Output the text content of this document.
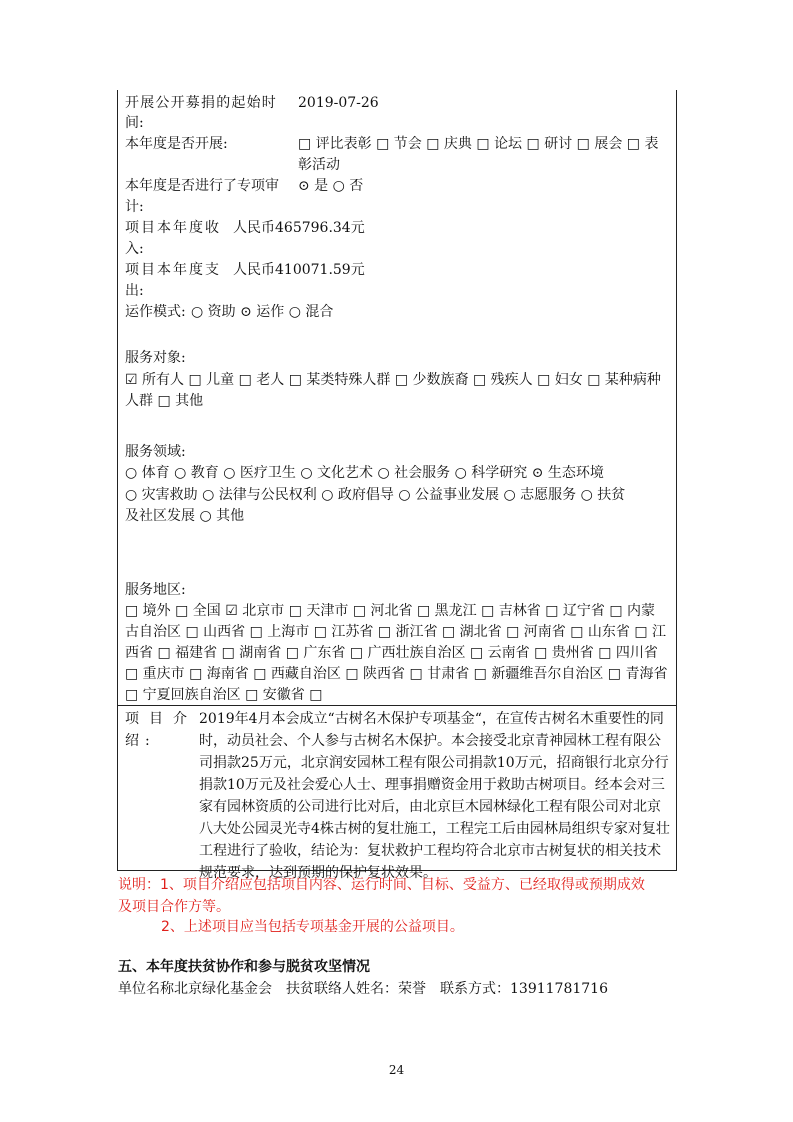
开展公开募捐的起始时
间:
2019-07-26
本年度是否开展:	□ 评比表彰 □ 节会 □ 庆典 □ 论坛 □ 研讨 □ 展会 □ 表
彰活动
本年度是否进行了专项审
计:
⊙ 是 ○ 否
项目本年度收
入:
人民币465796.34元
项目本年度支
出:
人民币410071.59元
运作模式: ○ 资助 ⊙ 运作 ○ 混合
服务对象:
☑ 所有人 □ 儿童 □ 老人 □ 某类特殊人群 □ 少数族裔 □ 残疾人 □ 妇女 □ 某种病种
人群 □ 其他
服务领域:
○ 体育 ○ 教育 ○ 医疗卫生 ○ 文化艺术 ○ 社会服务 ○ 科学研究 ⊙ 生态环境
○ 灾害救助 ○ 法律与公民权利 ○ 政府倡导 ○ 公益事业发展 ○ 志愿服务 ○ 扶贫
及社区发展 ○ 其他
服务地区:
□ 境外 □ 全国 ☑ 北京市 □ 天津市 □ 河北省 □ 黑龙江 □ 吉林省 □ 辽宁省 □ 内蒙
古自治区 □ 山西省 □ 上海市 □ 江苏省 □ 浙江省 □ 湖北省 □ 河南省 □ 山东省 □ 江
西省 □ 福建省 □ 湖南省 □ 广东省 □ 广西壮族自治区 □ 云南省 □ 贵州省 □ 四川省
□ 重庆市 □ 海南省 □ 西藏自治区 □ 陕西省 □ 甘肃省 □ 新疆维吾尔自治区 □ 青海省
□ 宁夏回族自治区 □ 安徽省 □
项目介绍:
2019年4月本会成立“古树名木保护专项基金“，在宣传古树名木重要性的同时，动员社会、个人参与古树名木保护。本会接受北京青神园林工程有限公司捐款25万元，北京润安园林工程有限公司捐款10万元，招商银行北京分行捐款10万元及社会爱心人士、理事捐赠资金用于救助古树项目。经本会对三家有园林资质的公司进行比对后，由北京巨木园林绿化工程有限公司对北京八大处公园灵光寺4株古树的复壮施工，工程完工后由园林局组织专家对复壮工程进行了验收，结论为：复状救护工程均符合北京市古树复状的相关技术规范要求，达到预期的保护复状效果。
说明：1、项目介绍应包括项目内容、运行时间、目标、受益方、已经取得或预期成效
及项目合作方等。
2、上述项目应当包括专项基金开展的公益项目。
五、本年度扶贫协作和参与脱贫攻坚情况
单位名称北京绿化基金会　扶贫联络人姓名：荣誉　联系方式：13911781716
24
